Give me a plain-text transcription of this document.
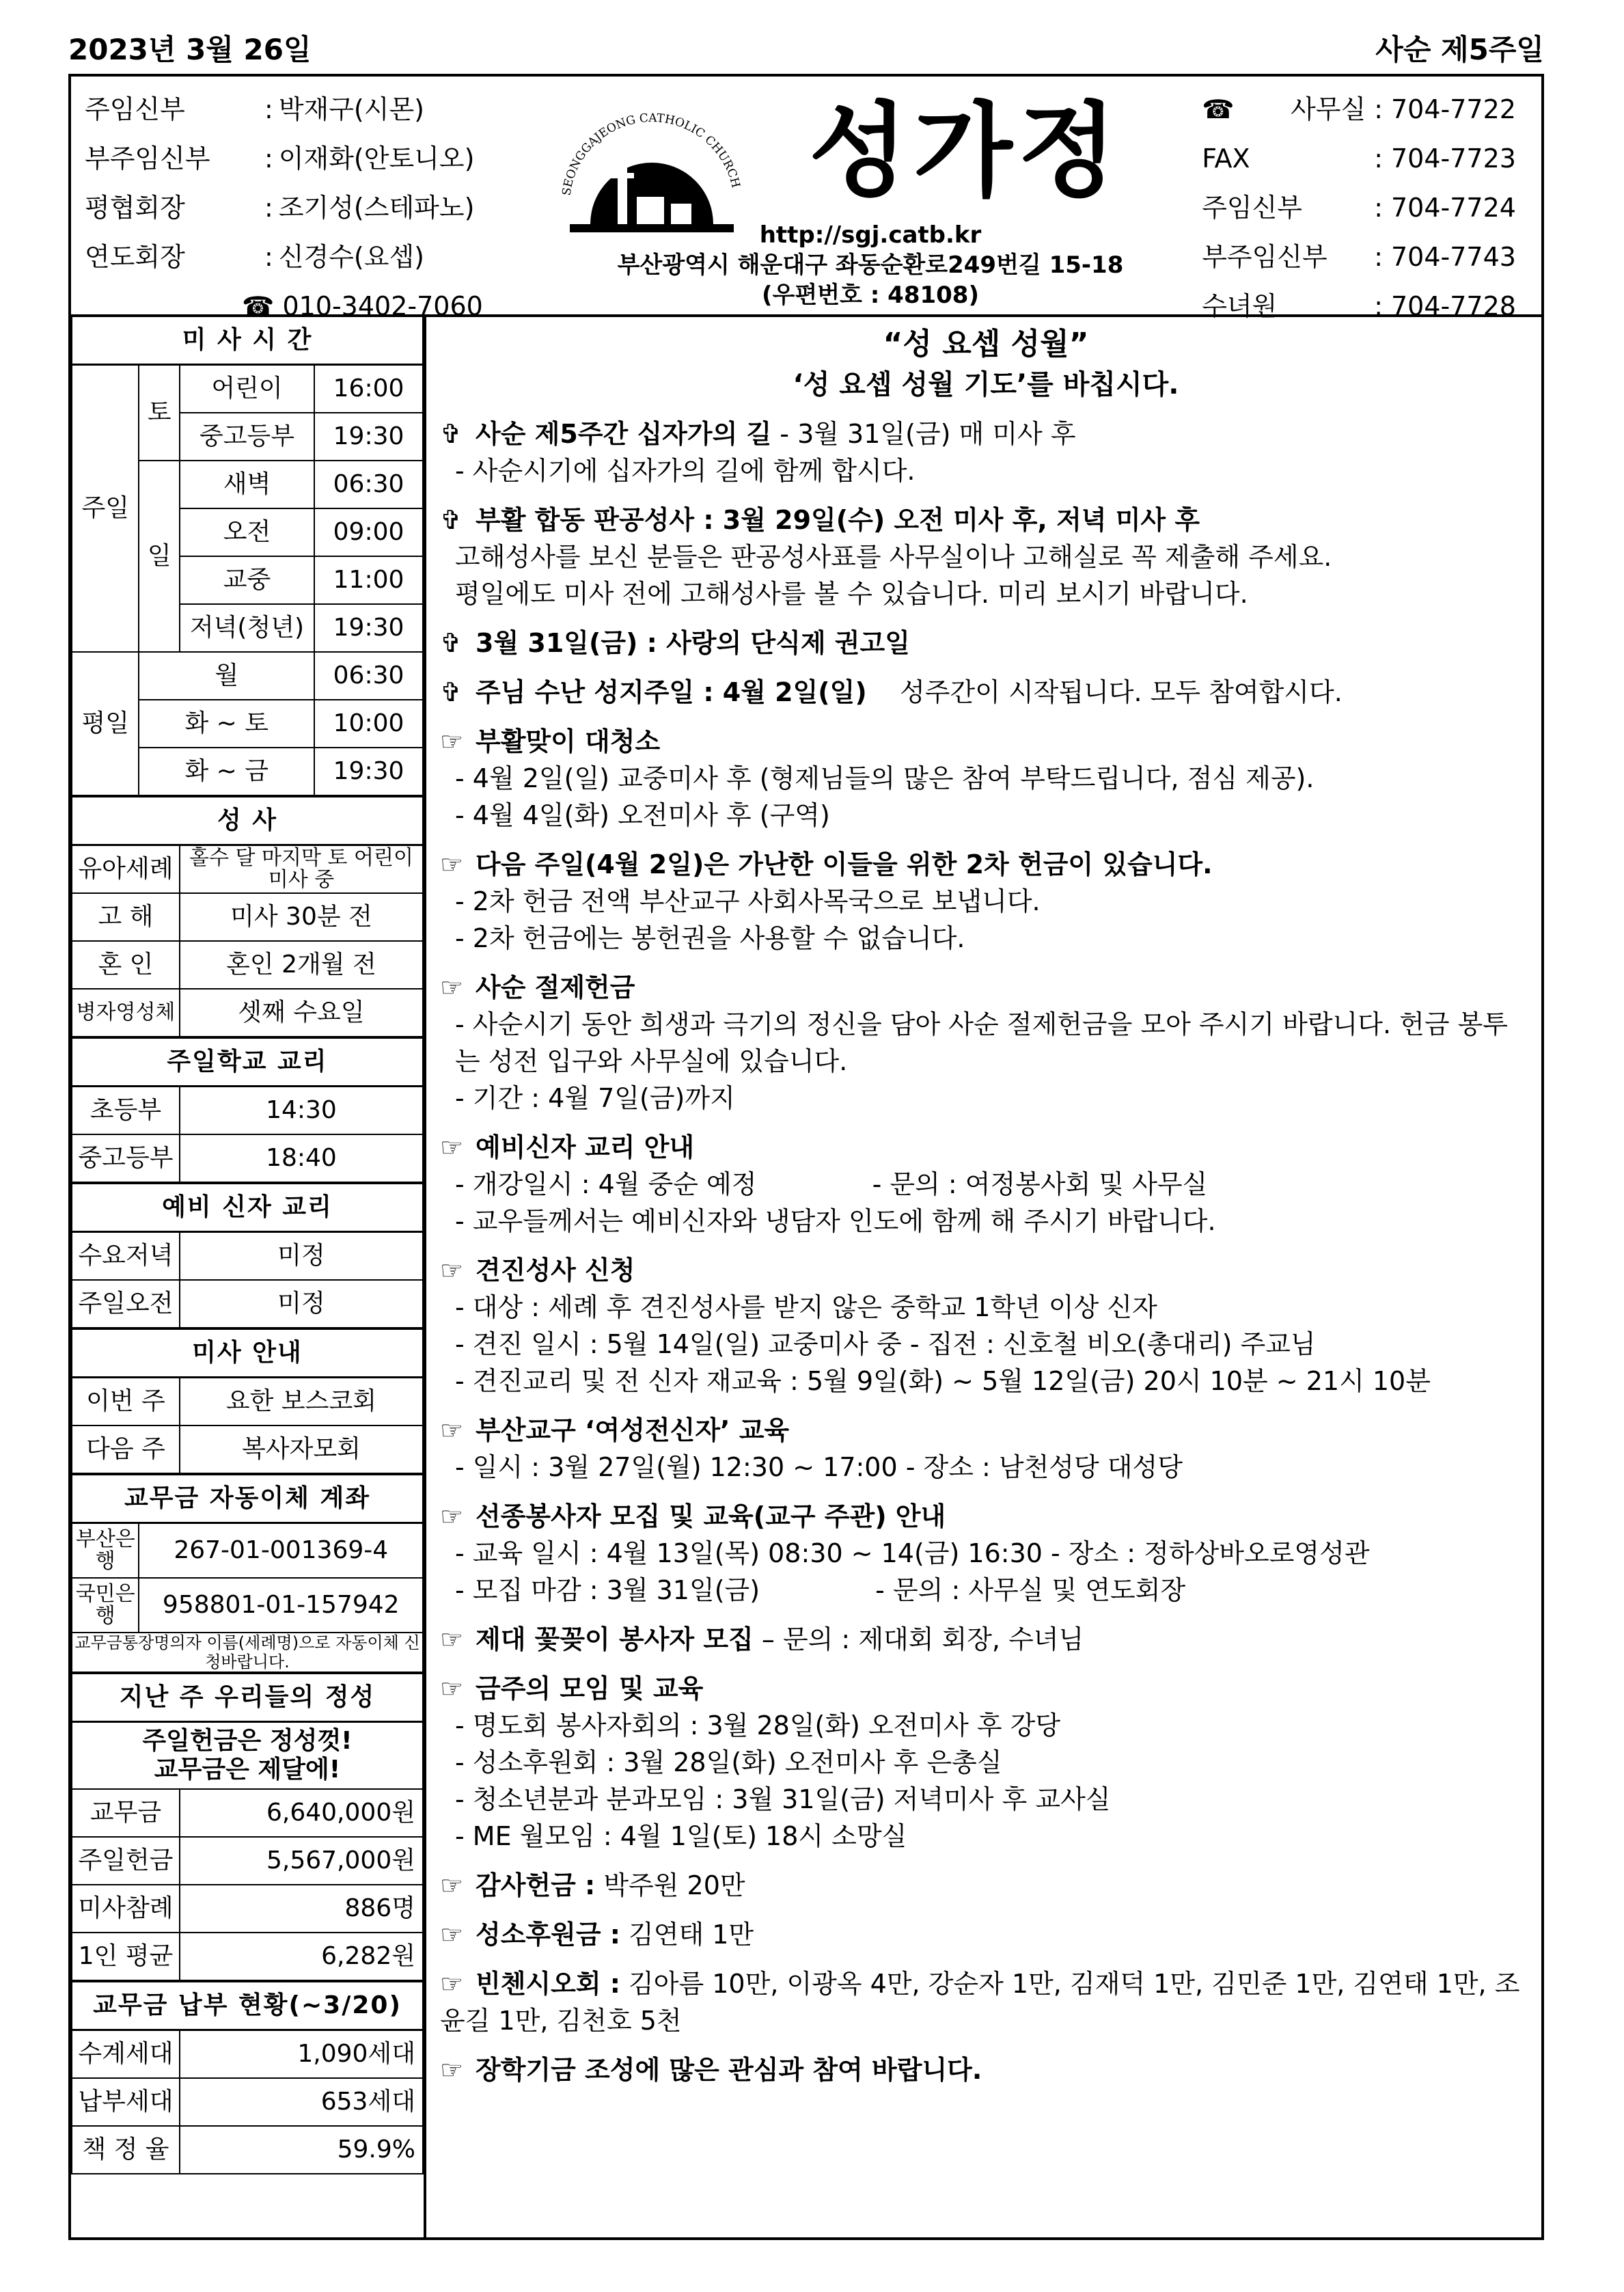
2023년 3월 26일	사순 제5주일
주임신부	: 박재구(시몬)
부주임신부	: 이재화(안토니오)
평협회장	: 조기성(스테파노)
연도회장	: 신경수(요셉)
☎
010-3402-7060
SEONGGAJEONG CATHOLIC CHURCH 성가정
http://sgj.catb.kr
부산광역시 해운대구 좌동순환로249번길 15-18
(우편번호 : 48108)
☎ 사무실 : 704-7722
FAX	: 704-7723
주임신부	: 704-7724
부주임신부	: 704-7743
수녀원	: 704-7728
미 사 시 간			
주일	토	어린이	16:00
		중고등부	19:30
	일	새벽	06:30
		오전	09:00
		교중	11:00
		저녁(청년)	19:30
평일	월		06:30
	화 ~ 토		10:00
	화 ~ 금		19:30
성 사			
유아세례		홀수 달 마지막 토 어린이 미사 중	
고 해		미사 30분 전	
혼 인		혼인 2개월 전	
병자영성체		셋째 수요일	
주일학교 교리			
초등부		14:30	
중고등부		18:40	
예비 신자 교리			
수요저녁		미정	
주일오전		미정	
미사 안내			
이번 주		요한 보스코회	
다음 주		복사자모회	
교무금 자동이체 계좌			
부산은행	267-01-001369-4		
국민은행	958801-01-157942		
교무금통장명의자 이름(세례명)으로 자동이체 신청바랍니다.			
지난 주 우리들의 정성			
주일헌금은 정성껏!
교무금은 제달에!			
교무금		6,640,000원	
주일헌금		5,567,000원	
미사참례		886명	
1인 평균		6,282원	
교무금 납부 현황(~3/20)			
수계세대		1,090세대	
납부세대		653세대	
책 정 율		59.9%	
“성 요셉 성월”
‘성 요셉 성월 기도’를 바칩시다.
✞ 사순 제5주간 십자가의 길 - 3월 31일(금) 매 미사 후
- 사순시기에 십자가의 길에 함께 합시다.
✞ 부활 합동 판공성사 : 3월 29일(수) 오전 미사 후, 저녁 미사 후
고해성사를 보신 분들은 판공성사표를 사무실이나 고해실로 꼭 제출해 주세요.
평일에도 미사 전에 고해성사를 볼 수 있습니다. 미리 보시기 바랍니다.
✞ 3월 31일(금) : 사랑의 단식제 권고일
✞ 주님 수난 성지주일 : 4월 2일(일)    성주간이 시작됩니다. 모두 참여합시다.
☞ 부활맞이 대청소
- 4월 2일(일) 교중미사 후 (형제님들의 많은 참여 부탁드립니다, 점심 제공).
- 4월 4일(화) 오전미사 후 (구역)
☞ 다음 주일(4월 2일)은 가난한 이들을 위한 2차 헌금이 있습니다.
- 2차 헌금 전액 부산교구 사회사목국으로 보냅니다.
- 2차 헌금에는 봉헌권을 사용할 수 없습니다.
☞ 사순 절제헌금
- 사순시기 동안 희생과 극기의 정신을 담아 사순 절제헌금을 모아 주시기 바랍니다. 헌금 봉투는 성전 입구와 사무실에 있습니다.
- 기간 : 4월 7일(금)까지
☞ 예비신자 교리 안내
- 개강일시 : 4월 중순 예정              - 문의 : 여정봉사회 및 사무실
- 교우들께서는 예비신자와 냉담자 인도에 함께 해 주시기 바랍니다.
☞ 견진성사 신청
- 대상 : 세례 후 견진성사를 받지 않은 중학교 1학년 이상 신자
- 견진 일시 : 5월 14일(일) 교중미사 중 - 집전 : 신호철 비오(총대리) 주교님
- 견진교리 및 전 신자 재교육 : 5월 9일(화) ~ 5월 12일(금) 20시 10분 ~ 21시 10분
☞ 부산교구 ‘여성전신자’ 교육
- 일시 : 3월 27일(월) 12:30 ~ 17:00 - 장소 : 남천성당 대성당
☞ 선종봉사자 모집 및 교육(교구 주관) 안내
- 교육 일시 : 4월 13일(목) 08:30 ~ 14(금) 16:30 - 장소 : 정하상바오로영성관
- 모집 마감 : 3월 31일(금)              - 문의 : 사무실 및 연도회장
☞ 제대 꽃꽂이 봉사자 모집 – 문의 : 제대회 회장, 수녀님
☞ 금주의 모임 및 교육
- 명도회 봉사자회의 : 3월 28일(화) 오전미사 후 강당
- 성소후원회 : 3월 28일(화) 오전미사 후 은총실
- 청소년분과 분과모임 : 3월 31일(금) 저녁미사 후 교사실
- ME 월모임 : 4월 1일(토) 18시 소망실
☞ 감사헌금 : 박주원 20만
☞ 성소후원금 : 김연태 1만
☞ 빈첸시오회 : 김아름 10만, 이광옥 4만, 강순자 1만, 김재덕 1만, 김민준 1만, 김연태 1만, 조윤길 1만, 김천호 5천
☞ 장학기금 조성에 많은 관심과 참여 바랍니다.
